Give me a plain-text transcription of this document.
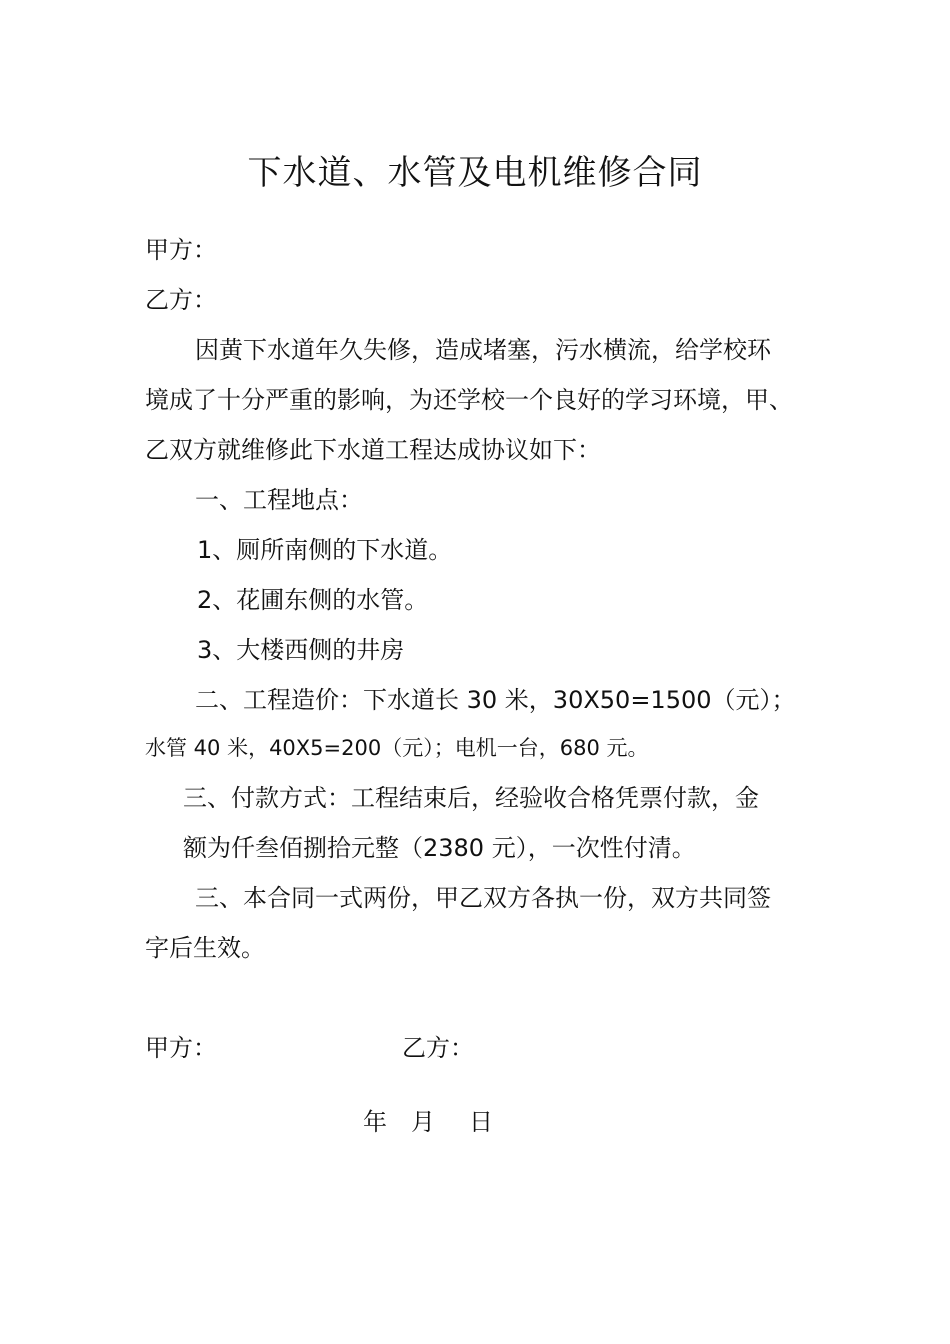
下水道、水管及电机维修合同
甲方：
乙方：
因黄下水道年久失修，造成堵塞，污水横流，给学校环
境成了十分严重的影响，为还学校一个良好的学习环境，甲、
乙双方就维修此下水道工程达成协议如下：
一、工程地点：
1、厕所南侧的下水道。
2、花圃东侧的水管。
3、大楼西侧的井房
二、工程造价：下水道长 30 米，30X50=1500（元）；
水管 40 米，40X5=200（元）；电机一台，680 元。
三、付款方式：工程结束后，经验收合格凭票付款，金
额为仟叁佰捌拾元整（2380 元），一次性付清。
三、本合同一式两份，甲乙双方各执一份，双方共同签
字后生效。
甲方：	乙方：
年 月 日
